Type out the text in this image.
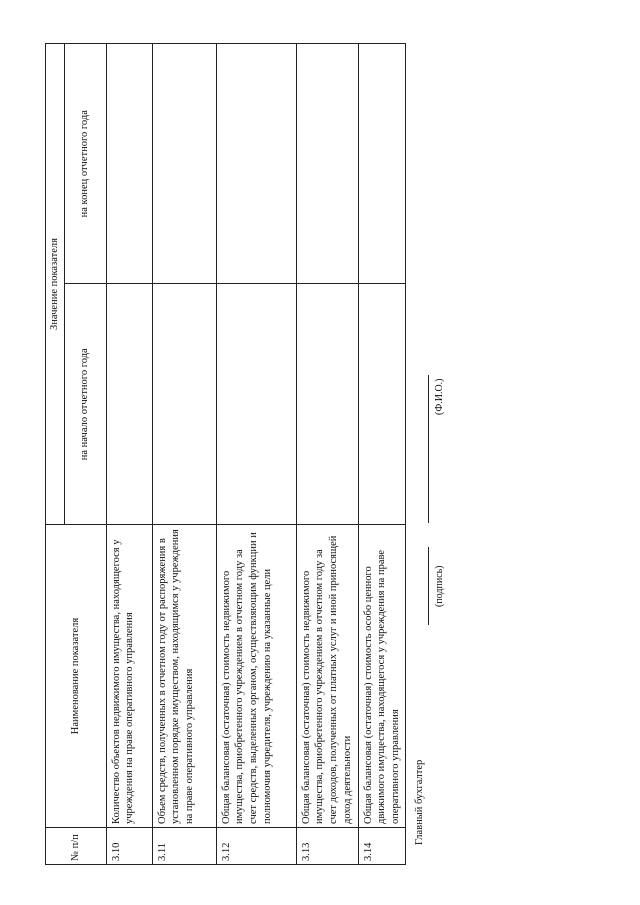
№ п/п	Наименование показателя	Значение показателя	
		на начало отчетного года	на конец отчетного года
3.10	Количество объектов недвижимого имущества, находящегося у учреждения на праве оперативного управления		
3.11	Объем средств, полученных в отчетном году от распоряжения в установленном порядке имуществом, находящимся у учреждения на праве оперативного управления		
3.12	Общая балансовая (остаточная) стоимость недвижимого имущества, приобретенного учреждением в отчетном году за счет средств, выделенных органом, осуществляющим функции и полномочия учредителя, учреждению на указанные цели		
3.13	Общая балансовая (остаточная) стоимость недвижимого имущества, приобретенного учреждением в отчетном году за счет доходов, полученных от платных услуг и иной приносящей доход деятельности		
3.14	Общая балансовая (остаточная) стоимость особо ценного движимого имущества, находящегося у учреждения на праве оперативного управления		Главный бухгалтер
(подпись)
(Ф.И.О.)
